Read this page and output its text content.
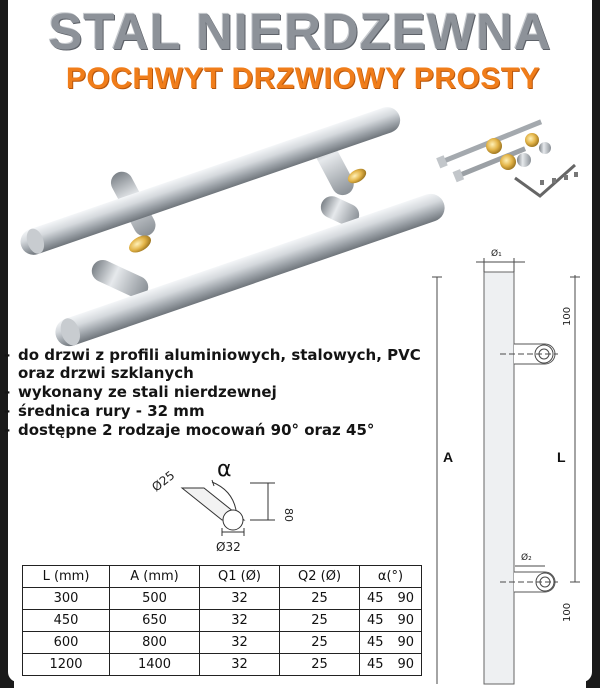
STAL NIERDZEWNA
POCHWYT DRZWIOWY PROSTY
Ø₁
Ø₂
100
100
A	L
α
Ø25
80
Ø32
- do drzwi z profili aluminiowych, stalowych, PVC oraz drzwi szklanych
- wykonany ze stali nierdzewnej
- średnica rury - 32 mm
- dostępne 2 rodzaje mocowań 90° oraz 45°
L (mm)	A (mm)	Q1 (Ø)	Q2 (Ø)	α(°)
300	500	32	25	45 90

450	650	32	25	45 90

600	800	32	25	45 90

1200	1400	32	25	45 90
